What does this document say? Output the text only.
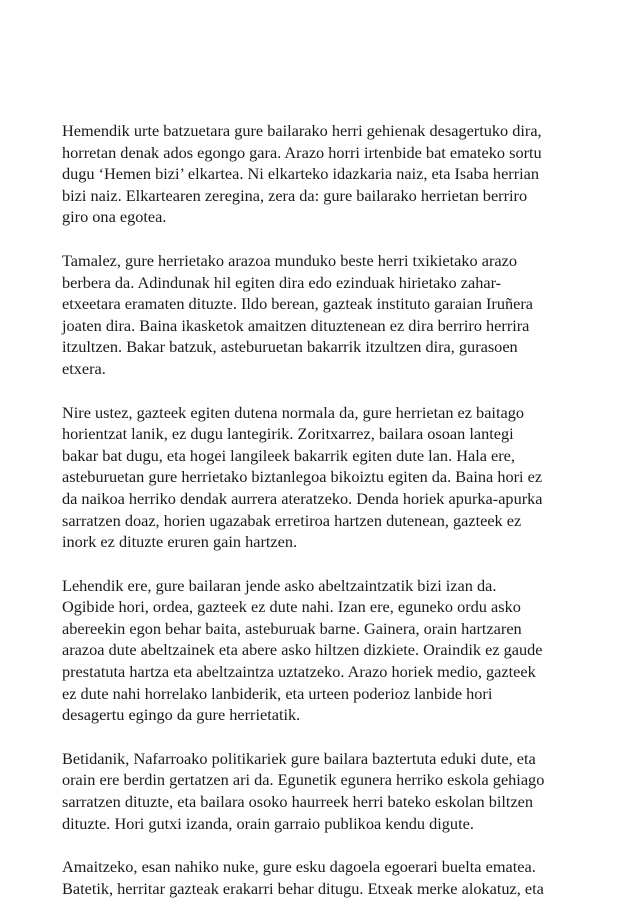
Hemendik urte batzuetara gure bailarako herri gehienak desagertuko dira,
horretan denak ados egongo gara. Arazo horri irtenbide bat emateko sortu
dugu ‘Hemen bizi’ elkartea. Ni elkarteko idazkaria naiz, eta Isaba herrian
bizi naiz. Elkartearen zeregina, zera da: gure bailarako herrietan berriro
giro ona egotea.

Tamalez, gure herrietako arazoa munduko beste herri txikietako arazo
berbera da. Adindunak hil egiten dira edo ezinduak hirietako zahar-
etxeetara eramaten dituzte. Ildo berean, gazteak instituto garaian Iruñera
joaten dira. Baina ikasketok amaitzen dituztenean ez dira berriro herrira
itzultzen. Bakar batzuk, asteburuetan bakarrik itzultzen dira, gurasoen
etxera.

Nire ustez, gazteek egiten dutena normala da, gure herrietan ez baitago
horientzat lanik, ez dugu lantegirik. Zoritxarrez, bailara osoan lantegi
bakar bat dugu, eta hogei langileek bakarrik egiten dute lan. Hala ere,
asteburuetan gure herrietako biztanlegoa bikoiztu egiten da. Baina hori ez
da naikoa herriko dendak aurrera ateratzeko. Denda horiek apurka-apurka
sarratzen doaz, horien ugazabak erretiroa hartzen dutenean, gazteek ez
inork ez dituzte eruren gain hartzen.

Lehendik ere, gure bailaran jende asko abeltzaintzatik bizi izan da.
Ogibide hori, ordea, gazteek ez dute nahi. Izan ere, eguneko ordu asko
abereekin egon behar baita, asteburuak barne. Gainera, orain hartzaren
arazoa dute abeltzainek eta abere asko hiltzen dizkiete. Oraindik ez gaude
prestatuta hartza eta abeltzaintza uztatzeko. Arazo horiek medio, gazteek
ez dute nahi horrelako lanbiderik, eta urteen poderioz lanbide hori
desagertu egingo da gure herrietatik.

Betidanik, Nafarroako politikariek gure bailara baztertuta eduki dute, eta
orain ere berdin gertatzen ari da. Egunetik egunera herriko eskola gehiago
sarratzen dituzte, eta bailara osoko haurreek herri bateko eskolan biltzen
dituzte. Hori gutxi izanda, orain garraio publikoa kendu digute.

Amaitzeko, esan nahiko nuke, gure esku dagoela egoerari buelta ematea.
Batetik, herritar gazteak erakarri behar ditugu. Etxeak merke alokatuz, eta
